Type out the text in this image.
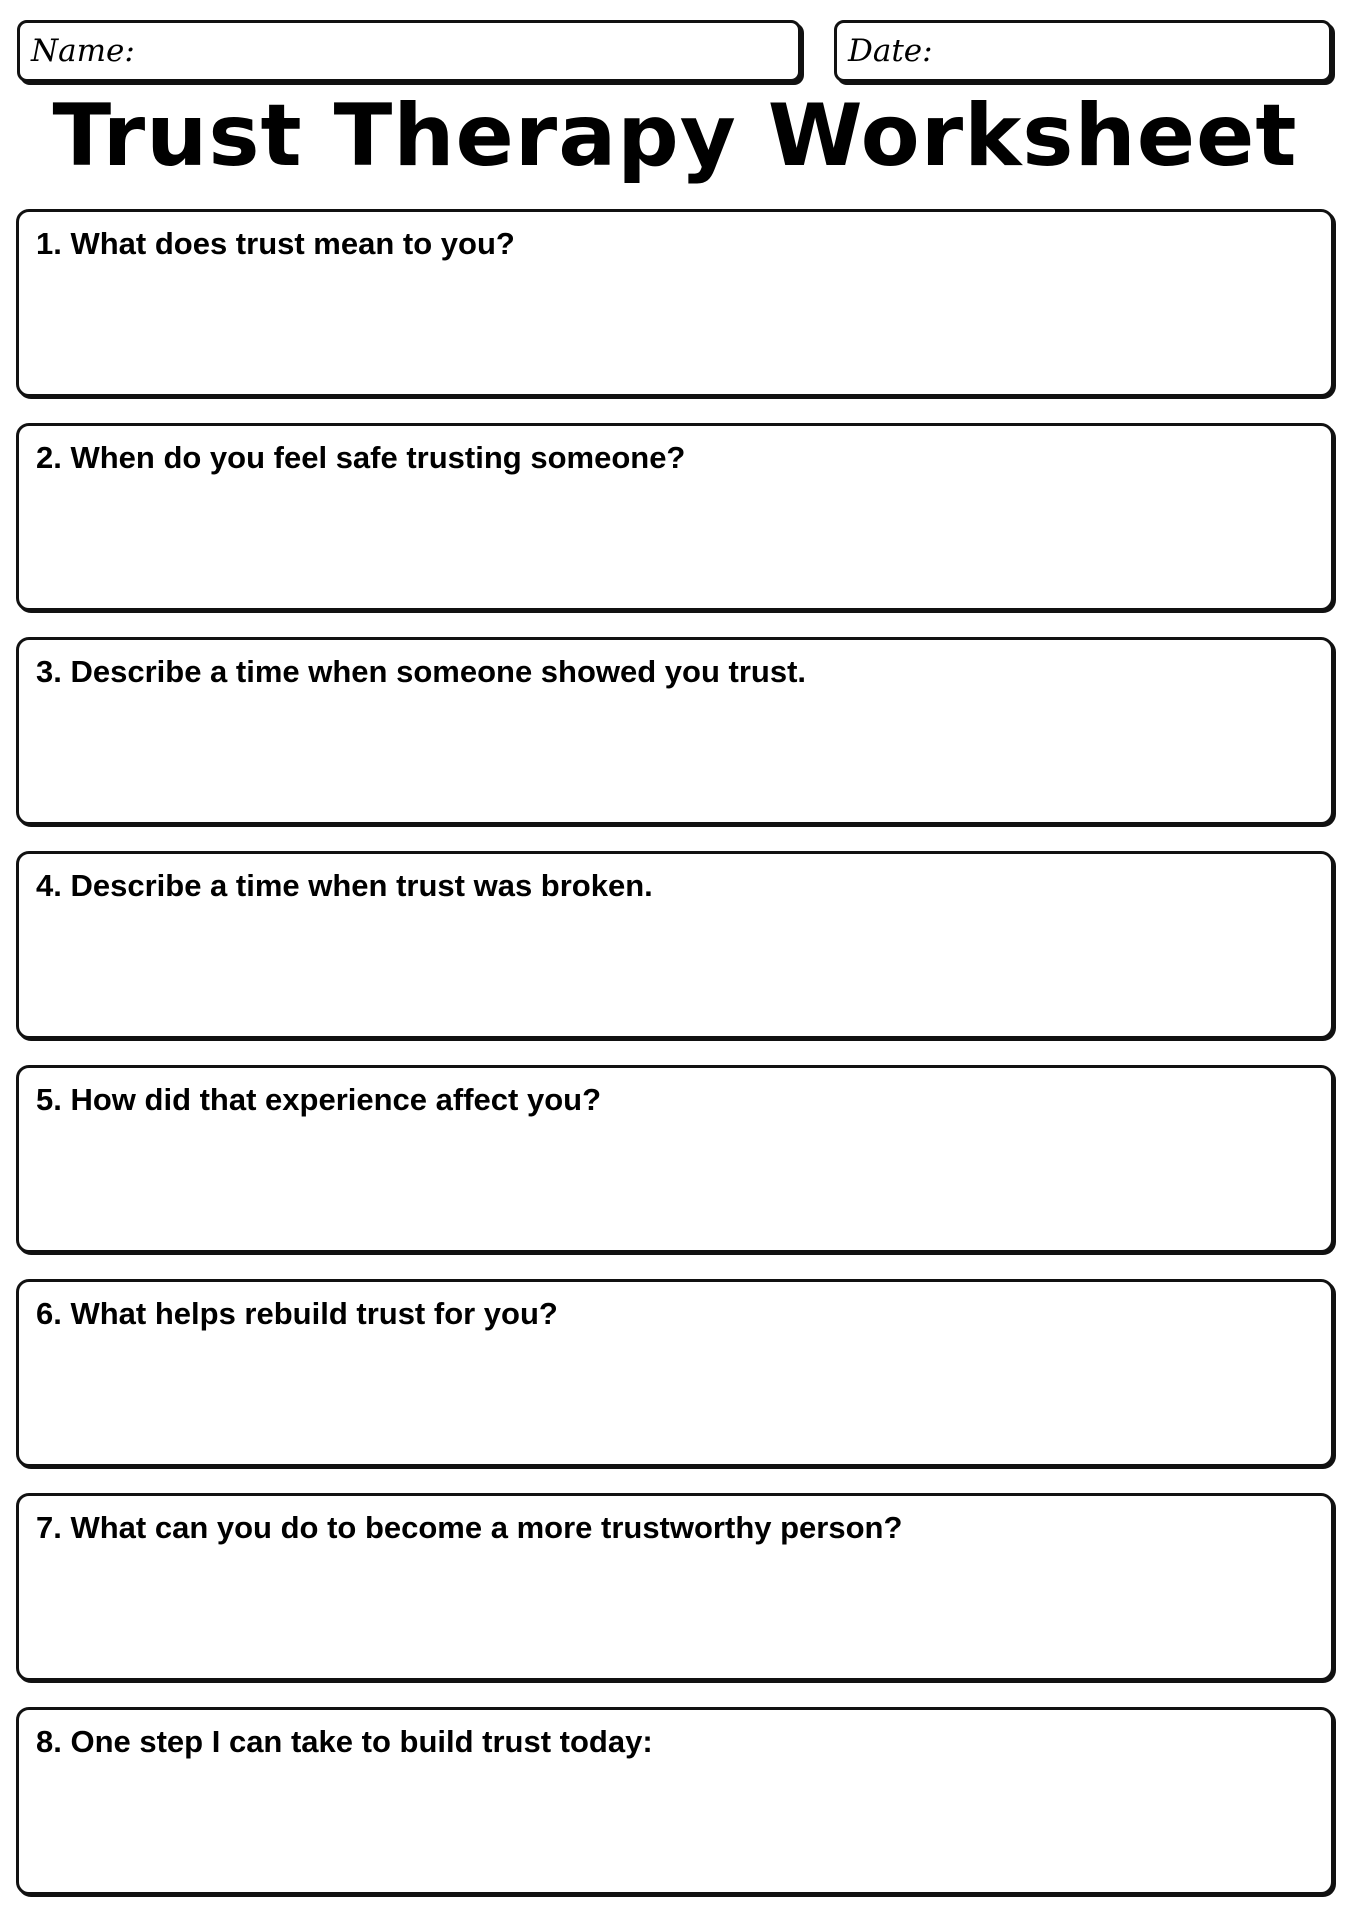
Name:	Date:
Trust Therapy Worksheet
1. What does trust mean to you?
2. When do you feel safe trusting someone?
3. Describe a time when someone showed you trust.
4. Describe a time when trust was broken.
5. How did that experience affect you?
6. What helps rebuild trust for you?
7. What can you do to become a more trustworthy person?
8. One step I can take to build trust today:
